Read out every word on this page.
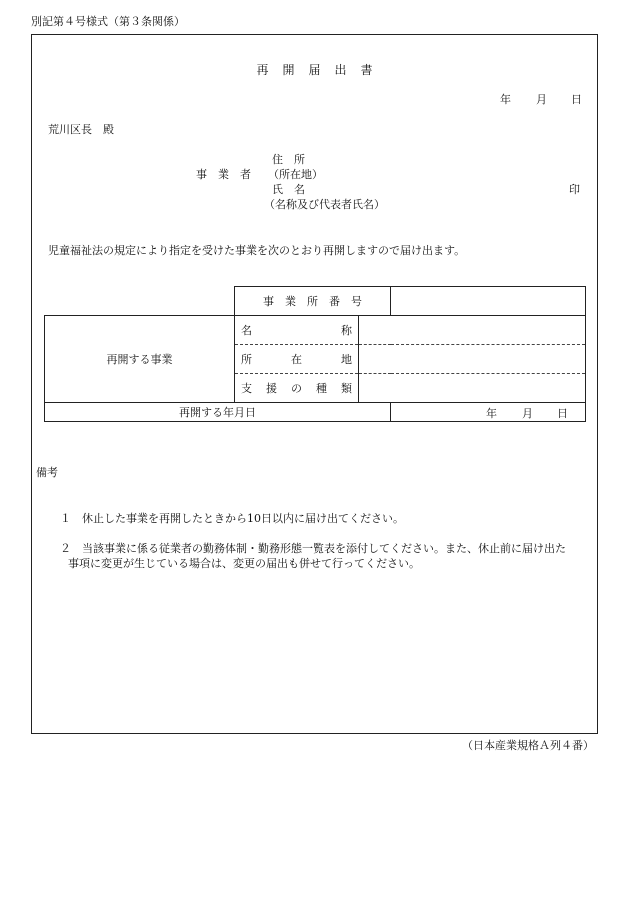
別記第４号様式（第３条関係）
再　開　届　出　書
年 月 日
荒川区長　殿
住　所
事　業　者 （所在地）
氏　名	印
（名称及び代表者氏名）
児童福祉法の規定により指定を受けた事業を次のとおり再開しますので届け出ます。

	事 業 所 番 号		

再開する事業	名 称		

	所 在 地		

	支 援 の 種 類		

再開する年月日			年 月 日
備考
１　休止した事業を再開したときから10日以内に届け出てください。
２　当該事業に係る従業者の勤務体制・勤務形態一覧表を添付してください。また、休止前に届け出た
事項に変更が生じている場合は、変更の届出も併せて行ってください。
（日本産業規格Ａ列４番）
